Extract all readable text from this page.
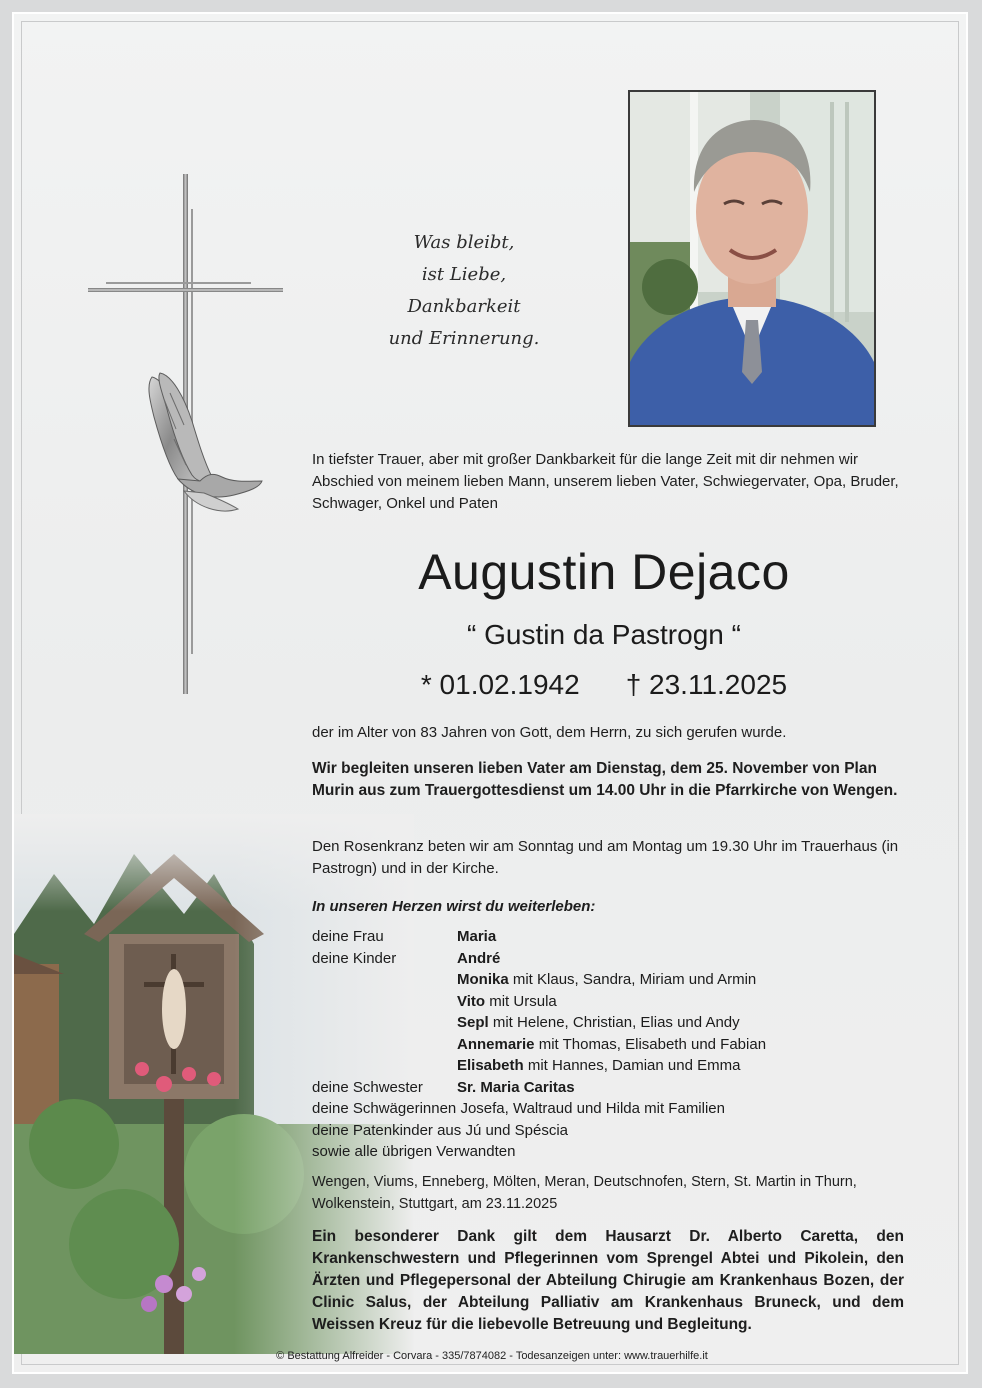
Was bleibt,
ist Liebe,
Dankbarkeit
und Erinnerung.
In tiefster Trauer, aber mit großer Dankbarkeit für die lange Zeit mit dir nehmen wir Abschied von meinem lieben Mann, unserem lieben Vater, Schwiegervater, Opa, Bruder, Schwager, Onkel und Paten
Augustin Dejaco
“ Gustin da Pastrogn “
* 01.02.1942 † 23.11.2025
der im Alter von 83 Jahren von Gott, dem Herrn, zu sich gerufen wurde.
Wir begleiten unseren lieben Vater am Dienstag, dem 25. November von Plan Murin aus zum Trauergottesdienst um 14.00 Uhr in die Pfarrkirche von Wengen.
Den Rosenkranz beten wir am Sonntag und am Montag um 19.30 Uhr im Trauerhaus (in Pastrogn) und in der Kirche.
In unseren Herzen wirst du weiterleben:
deine Frau	Maria
deine Kinder	André
Monika mit Klaus, Sandra, Miriam und Armin
Vito mit Ursula
Sepl mit Helene, Christian, Elias und Andy
Annemarie mit Thomas, Elisabeth und Fabian
Elisabeth mit Hannes, Damian und Emma
deine Schwester Sr. Maria Caritas
deine Schwägerinnen Josefa, Waltraud und Hilda mit Familien
deine Patenkinder aus Jú und Spéscia
sowie alle übrigen Verwandten
Wengen, Viums, Enneberg, Mölten, Meran, Deutschnofen, Stern, St. Martin in Thurn, Wolkenstein, Stuttgart, am 23.11.2025
Ein besonderer Dank gilt dem Hausarzt Dr. Alberto Caretta, den Krankenschwestern und Pflegerinnen vom Sprengel Abtei und Pikolein, den Ärzten und Pflegepersonal der Abteilung Chirugie am Krankenhaus Bozen, der Clinic Salus, der Abteilung Palliativ am Krankenhaus Bruneck, und dem Weissen Kreuz für die liebevolle Betreuung und Begleitung.
© Bestattung Alfreider - Corvara - 335/7874082 - Todesanzeigen unter: www.trauerhilfe.it
